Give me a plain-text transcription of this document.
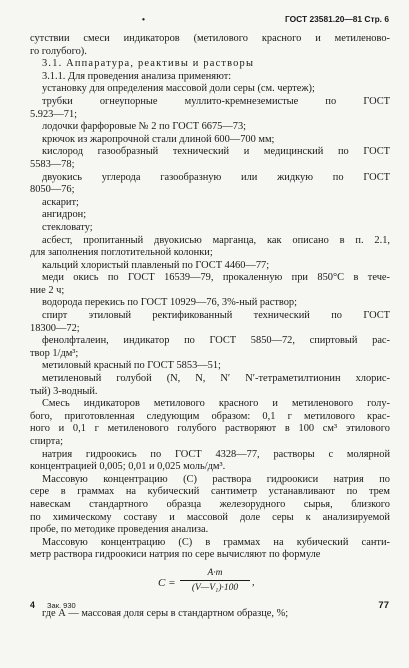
•	ГОСТ 23581.20—81 Стр. 6

сутствии смеси индикаторов (метилового красного и метиленово-

го голубого).

3.1. Аппаратура, реактивы и растворы

3.1.1. Для проведения анализа применяют:

установку для определения массовой доли серы (см. чертеж);

трубки огнеупорные муллито-кремнеземистые по ГОСТ

5.923—71;

лодочки фарфоровые № 2 по ГОСТ 6675—73;

крючок из жаропрочной стали длиной 600—700 мм;

кислород газообразный технический и медицинский по ГОСТ

5583—78;

двуокись углерода газообразную или жидкую по ГОСТ

8050—76;

аскарит;

ангидрон;

стекловату;

асбест, пропитанный двуокисью марганца, как описано в п. 2.1,

для заполнения поглотительной колонки;

кальций хлористый плавленый по ГОСТ 4460—77;

меди окись по ГОСТ 16539—79, прокаленную при 850°С в тече-

ние 2 ч;

водорода перекись по ГОСТ 10929—76, 3%-ный раствор;

спирт этиловый ректификованный технический по ГОСТ

18300—72;

фенолфталеин, индикатор по ГОСТ 5850—72, спиртовый рас-

твор 1/дм³;

метиловый красный по ГОСТ 5853—51;

метиленовый голубой (N, N, N′ N′-тетраметилтионин хлорис-

тый) 3-водный.

Смесь индикаторов метилового красного и метиленового голу-

бого, приготовленная следующим образом: 0,1 г метилового крас-

ного и 0,1 г метиленового голубого растворяют в 100 см³ этилового

спирта;

натрия гидроокись по ГОСТ 4328—77, растворы с молярной

концентрацией 0,005; 0,01 и 0,025 моль/дм³.

Массовую концентрацию (С) раствора гидроокиси натрия по

сере в граммах на кубический сантиметр устанавливают по трем

навескам стандартного образца железорудного сырья, близкого

по химическому составу и массовой доле серы к анализируемой

пробе, по методике проведения анализа.

Массовую концентрацию (С) в граммах на кубический санти-

метр раствора гидроокиси натрия по сере вычисляют по формуле

$C = \frac{A\cdot m}{\text{(V—V₁)·100}}$ ,

где А — массовая доля серы в стандартном образце, %;

4 Зак. 930	77
